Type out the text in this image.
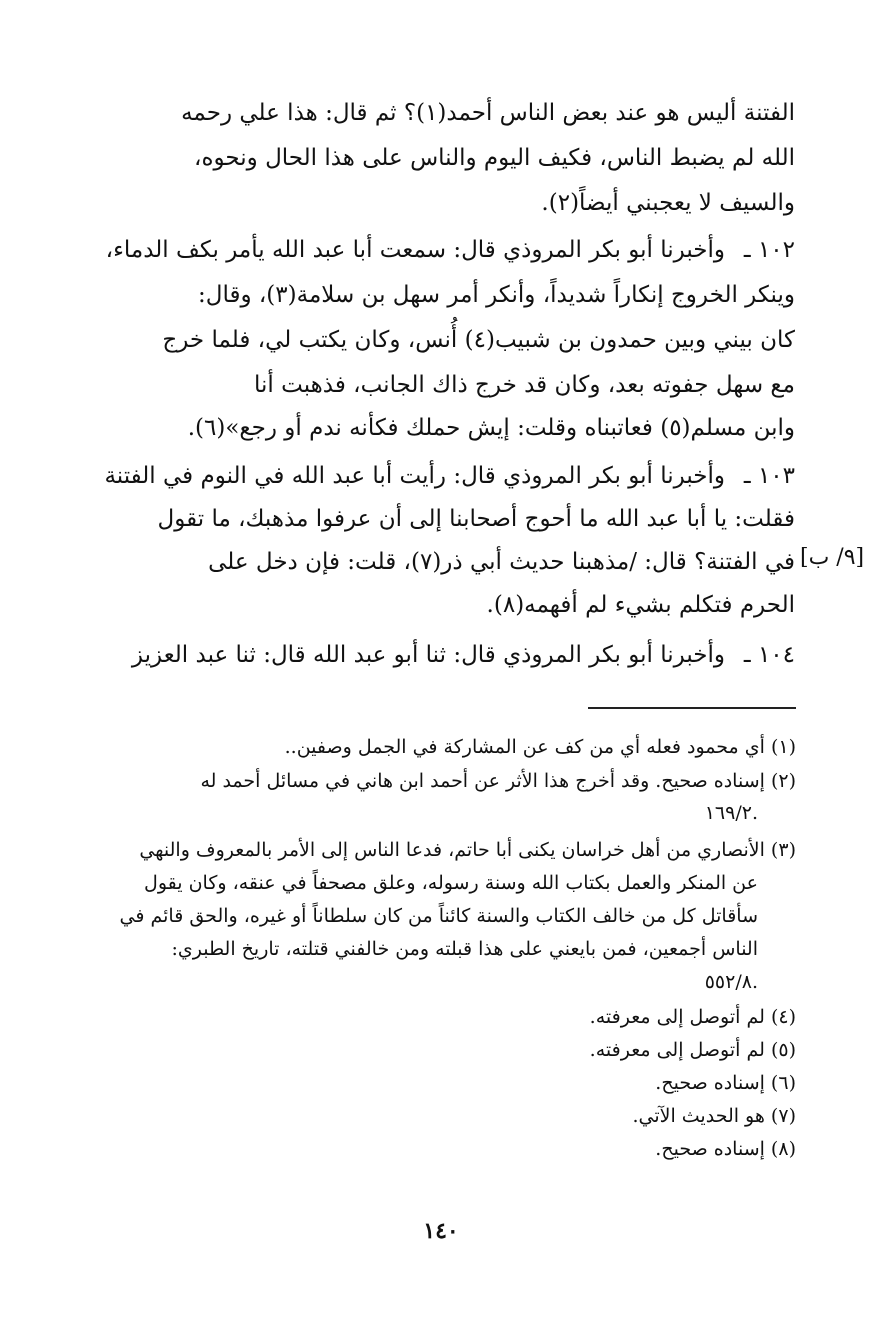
الفتنة أليس هو عند بعض الناس أحمد(١)؟ ثم قال: هذا علي رحمه
الله لم يضبط الناس، فكيف اليوم والناس على هذا الحال ونحوه،
والسيف لا يعجبني أيضاً(٢).
١٠٢ ـ
وأخبرنا أبو بكر المروذي قال: سمعت أبا عبد الله يأمر بكف الدماء،
وينكر الخروج إنكاراً شديداً، وأنكر أمر سهل بن سلامة(٣)، وقال:
كان بيني وبين حمدون بن شبيب(٤) أُنس، وكان يكتب لي، فلما خرج
مع سهل جفوته بعد، وكان قد خرج ذاك الجانب، فذهبت أنا
وابن مسلم(٥) فعاتبناه وقلت: إيش حملك فكأنه ندم أو رجع»(٦).
١٠٣ ـ
وأخبرنا أبو بكر المروذي قال: رأيت أبا عبد الله في النوم في الفتنة
فقلت: يا أبا عبد الله ما أحوج أصحابنا إلى أن عرفوا مذهبك، ما تقول
في الفتنة؟ قال: /مذهبنا حديث أبي ذر(٧)، قلت: فإن دخل على
الحرم فتكلم بشيء لم أفهمه(٨).
١٠٤ ـ
وأخبرنا أبو بكر المروذي قال: ثنا أبو عبد الله قال: ثنا عبد العزيز
[٩/ ب]
(١) أي محمود فعله أي من كف عن المشاركة في الجمل وصفين..
(٢) إسناده صحيح. وقد أخرج هذا الأثر عن أحمد ابن هاني في مسائل أحمد له
١٦٩/٢.
(٣) الأنصاري من أهل خراسان يكنى أبا حاتم، فدعا الناس إلى الأمر بالمعروف والنهي
عن المنكر والعمل بكتاب الله وسنة رسوله، وعلق مصحفاً في عنقه، وكان يقول
سأقاتل كل من خالف الكتاب والسنة كائناً من كان سلطاناً أو غيره، والحق قائم في
الناس أجمعين، فمن بايعني على هذا قبلته ومن خالفني قتلته، تاريخ الطبري:
٥٥٢/٨.
(٤) لم أتوصل إلى معرفته.
(٥) لم أتوصل إلى معرفته.
(٦) إسناده صحيح.
(٧) هو الحديث الآتي.
(٨) إسناده صحيح.
١٤٠
